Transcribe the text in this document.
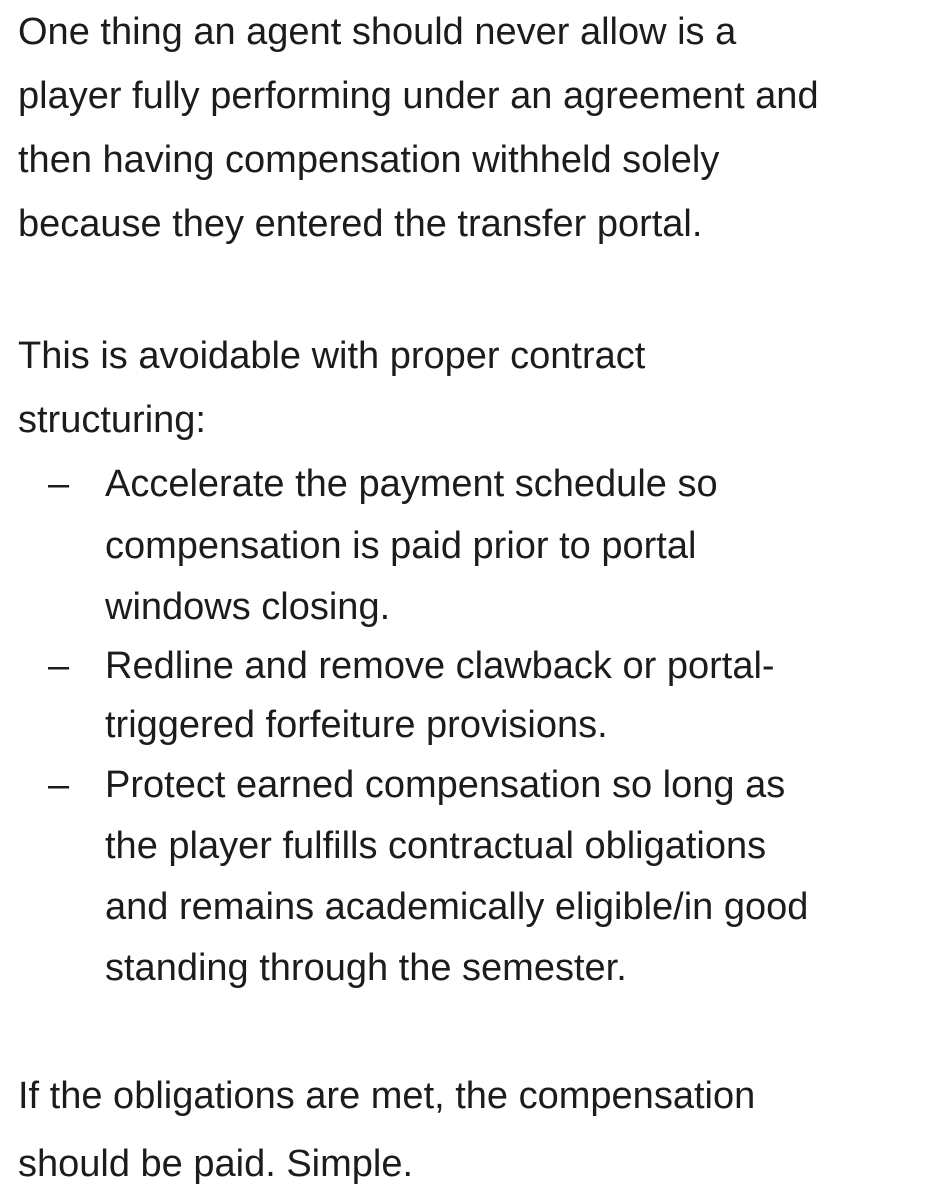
One thing an agent should never allow is a
player fully performing under an agreement and
then having compensation withheld solely
because they entered the transfer portal.
This is avoidable with proper contract
structuring:
– Accelerate the payment schedule so
compensation is paid prior to portal
windows closing.
– Redline and remove clawback or portal-
triggered forfeiture provisions.
– Protect earned compensation so long as
the player fulfills contractual obligations
and remains academically eligible/in good
standing through the semester.
If the obligations are met, the compensation
should be paid. Simple.
